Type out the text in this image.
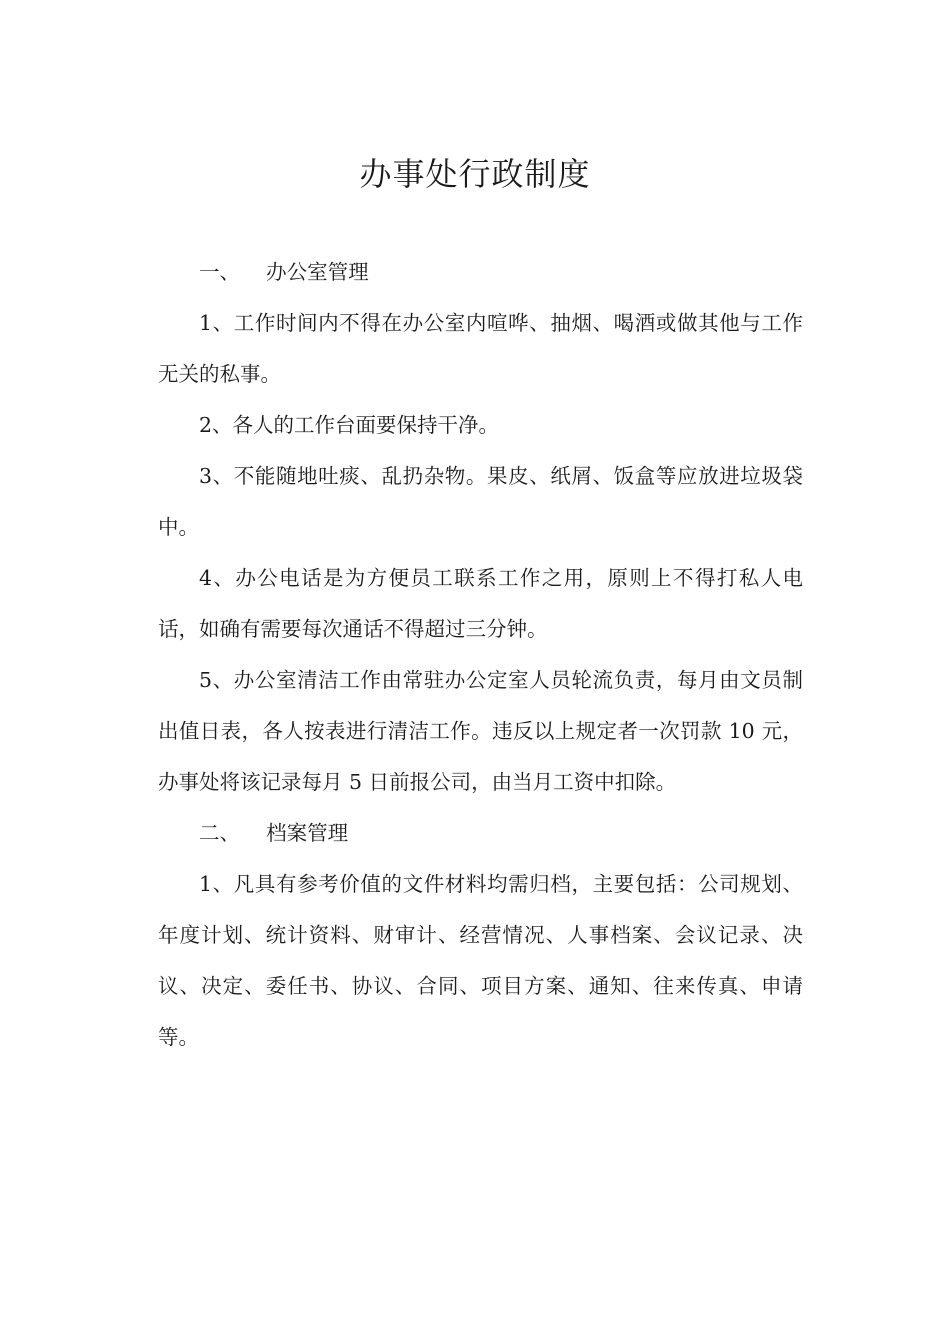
办事处行政制度

一、    办公室管理

1、工作时间内不得在办公室内喧哗、抽烟、喝酒或做其他与工作无关的私事。

2、各人的工作台面要保持干净。

3、不能随地吐痰、乱扔杂物。果皮、纸屑、饭盒等应放进垃圾袋中。

4、办公电话是为方便员工联系工作之用，原则上不得打私人电话，如确有需要每次通话不得超过三分钟。

5、办公室清洁工作由常驻办公定室人员轮流负责，每月由文员制出值日表，各人按表进行清洁工作。违反以上规定者一次罚款 10 元，办事处将该记录每月 5 日前报公司，由当月工资中扣除。

二、    档案管理

1、凡具有参考价值的文件材料均需归档，主要包括：公司规划、年度计划、统计资料、财审计、经营情况、人事档案、会议记录、决议、决定、委任书、协议、合同、项目方案、通知、往来传真、申请等。
